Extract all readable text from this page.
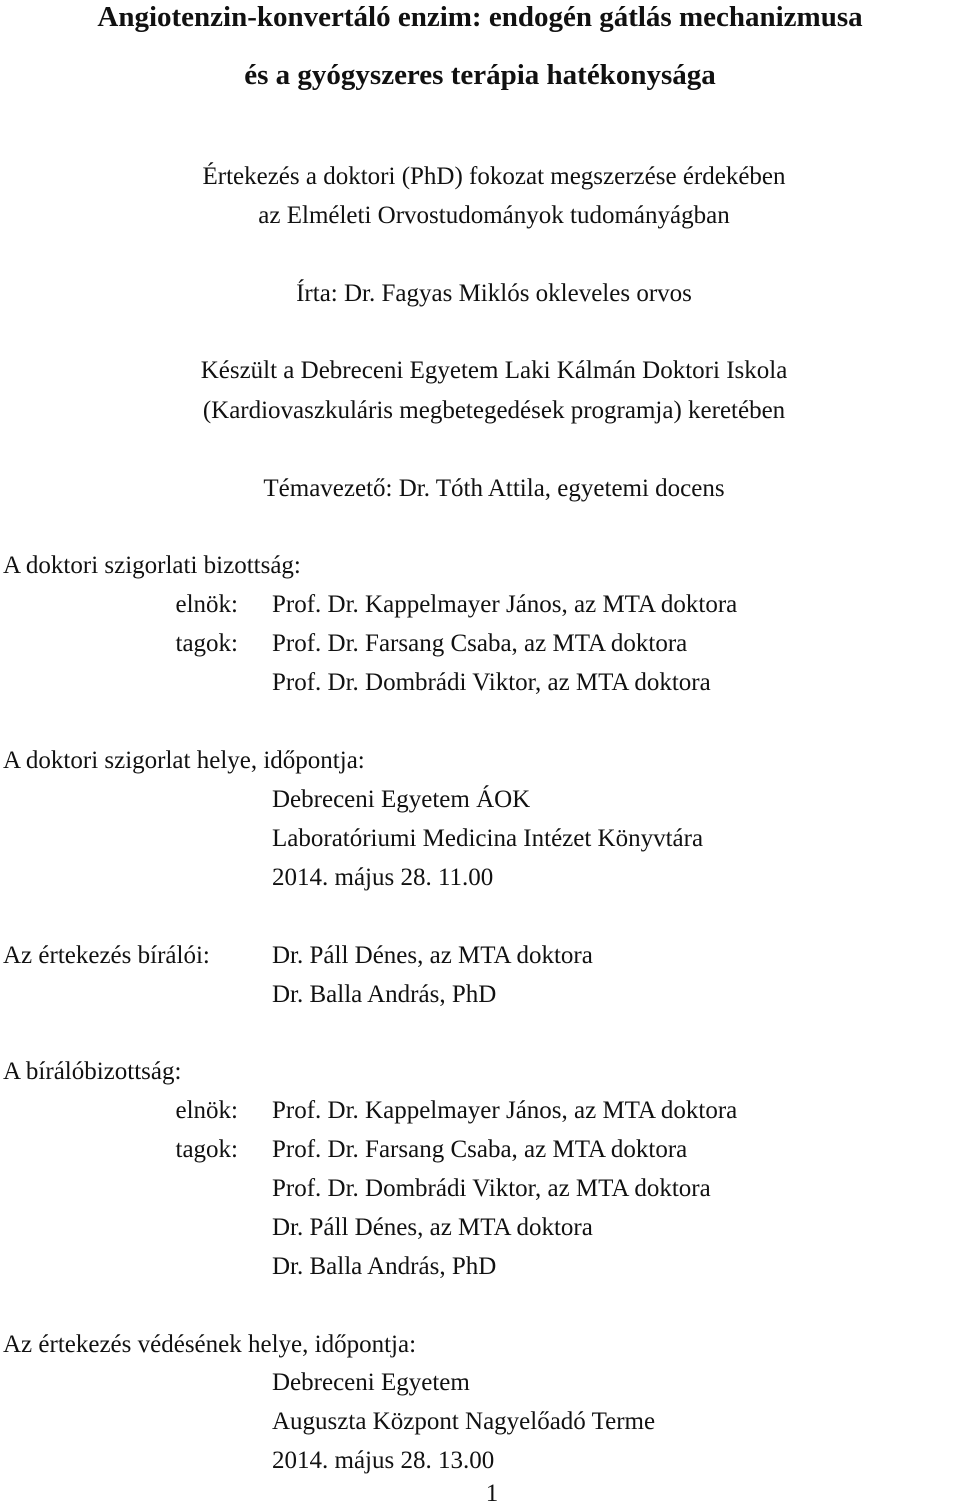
Angiotenzin-konvertáló enzim: endogén gátlás mechanizmusa
és a gyógyszeres terápia hatékonysága
Értekezés a doktori (PhD) fokozat megszerzése érdekében
az Elméleti Orvostudományok tudományágban
Írta: Dr. Fagyas Miklós okleveles orvos
Készült a Debreceni Egyetem Laki Kálmán Doktori Iskola
(Kardiovaszkuláris megbetegedések programja) keretében
Témavezető: Dr. Tóth Attila, egyetemi docens
A doktori szigorlati bizottság:
elnök: Prof. Dr. Kappelmayer János, az MTA doktora
tagok: Prof. Dr. Farsang Csaba, az MTA doktora
Prof. Dr. Dombrádi Viktor, az MTA doktora
A doktori szigorlat helye, időpontja:
Debreceni Egyetem ÁOK
Laboratóriumi Medicina Intézet Könyvtára
2014. május 28. 11.00
Az értekezés bírálói: Dr. Páll Dénes, az MTA doktora
Dr. Balla András, PhD
A bírálóbizottság:
elnök: Prof. Dr. Kappelmayer János, az MTA doktora
tagok: Prof. Dr. Farsang Csaba, az MTA doktora
Prof. Dr. Dombrádi Viktor, az MTA doktora
Dr. Páll Dénes, az MTA doktora
Dr. Balla András, PhD
Az értekezés védésének helye, időpontja:
Debreceni Egyetem
Auguszta Központ Nagyelőadó Terme
2014. május 28. 13.00
1
